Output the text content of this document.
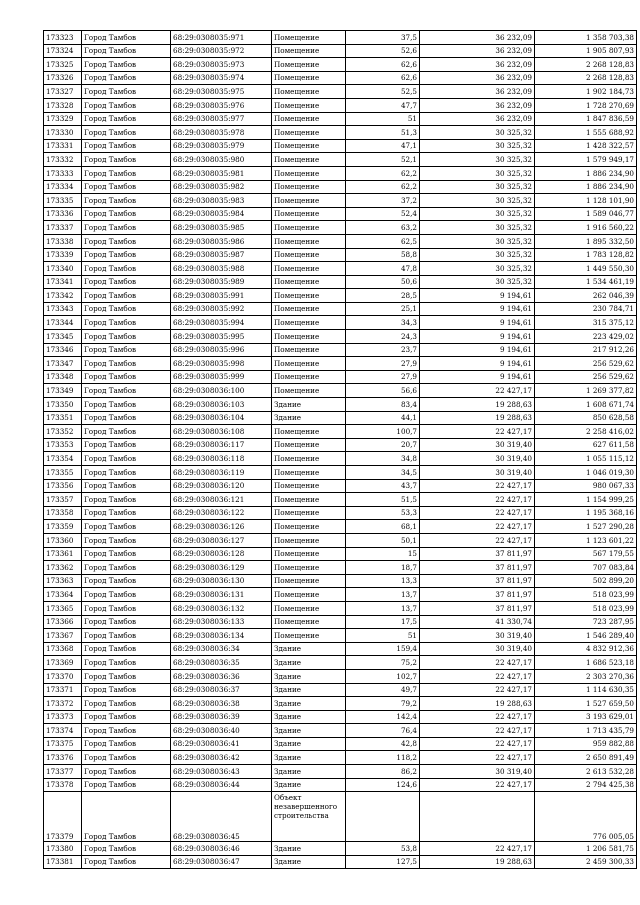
173323	Город Тамбов	68:29:0308035:971	Помещение	37,5	36 232,09	1 358 703,38
173324	Город Тамбов	68:29:0308035:972	Помещение	52,6	36 232,09	1 905 807,93
173325	Город Тамбов	68:29:0308035:973	Помещение	62,6	36 232,09	2 268 128,83
173326	Город Тамбов	68:29:0308035:974	Помещение	62,6	36 232,09	2 268 128,83
173327	Город Тамбов	68:29:0308035:975	Помещение	52,5	36 232,09	1 902 184,73
173328	Город Тамбов	68:29:0308035:976	Помещение	47,7	36 232,09	1 728 270,69
173329	Город Тамбов	68:29:0308035:977	Помещение	51	36 232,09	1 847 836,59
173330	Город Тамбов	68:29:0308035:978	Помещение	51,3	30 325,32	1 555 688,92
173331	Город Тамбов	68:29:0308035:979	Помещение	47,1	30 325,32	1 428 322,57
173332	Город Тамбов	68:29:0308035:980	Помещение	52,1	30 325,32	1 579 949,17
173333	Город Тамбов	68:29:0308035:981	Помещение	62,2	30 325,32	1 886 234,90
173334	Город Тамбов	68:29:0308035:982	Помещение	62,2	30 325,32	1 886 234,90
173335	Город Тамбов	68:29:0308035:983	Помещение	37,2	30 325,32	1 128 101,90
173336	Город Тамбов	68:29:0308035:984	Помещение	52,4	30 325,32	1 589 046,77
173337	Город Тамбов	68:29:0308035:985	Помещение	63,2	30 325,32	1 916 560,22
173338	Город Тамбов	68:29:0308035:986	Помещение	62,5	30 325,32	1 895 332,50
173339	Город Тамбов	68:29:0308035:987	Помещение	58,8	30 325,32	1 783 128,82
173340	Город Тамбов	68:29:0308035:988	Помещение	47,8	30 325,32	1 449 550,30
173341	Город Тамбов	68:29:0308035:989	Помещение	50,6	30 325,32	1 534 461,19
173342	Город Тамбов	68:29:0308035:991	Помещение	28,5	9 194,61	262 046,39
173343	Город Тамбов	68:29:0308035:992	Помещение	25,1	9 194,61	230 784,71
173344	Город Тамбов	68:29:0308035:994	Помещение	34,3	9 194,61	315 375,12
173345	Город Тамбов	68:29:0308035:995	Помещение	24,3	9 194,61	223 429,02
173346	Город Тамбов	68:29:0308035:996	Помещение	23,7	9 194,61	217 912,26
173347	Город Тамбов	68:29:0308035:998	Помещение	27,9	9 194,61	256 529,62
173348	Город Тамбов	68:29:0308035:999	Помещение	27,9	9 194,61	256 529,62
173349	Город Тамбов	68:29:0308036:100	Помещение	56,6	22 427,17	1 269 377,82
173350	Город Тамбов	68:29:0308036:103	Здание	83,4	19 288,63	1 608 671,74
173351	Город Тамбов	68:29:0308036:104	Здание	44,1	19 288,63	850 628,58
173352	Город Тамбов	68:29:0308036:108	Помещение	100,7	22 427,17	2 258 416,02
173353	Город Тамбов	68:29:0308036:117	Помещение	20,7	30 319,40	627 611,58
173354	Город Тамбов	68:29:0308036:118	Помещение	34,8	30 319,40	1 055 115,12
173355	Город Тамбов	68:29:0308036:119	Помещение	34,5	30 319,40	1 046 019,30
173356	Город Тамбов	68:29:0308036:120	Помещение	43,7	22 427,17	980 067,33
173357	Город Тамбов	68:29:0308036:121	Помещение	51,5	22 427,17	1 154 999,25
173358	Город Тамбов	68:29:0308036:122	Помещение	53,3	22 427,17	1 195 368,16
173359	Город Тамбов	68:29:0308036:126	Помещение	68,1	22 427,17	1 527 290,28
173360	Город Тамбов	68:29:0308036:127	Помещение	50,1	22 427,17	1 123 601,22
173361	Город Тамбов	68:29:0308036:128	Помещение	15	37 811,97	567 179,55
173362	Город Тамбов	68:29:0308036:129	Помещение	18,7	37 811,97	707 083,84
173363	Город Тамбов	68:29:0308036:130	Помещение	13,3	37 811,97	502 899,20
173364	Город Тамбов	68:29:0308036:131	Помещение	13,7	37 811,97	518 023,99
173365	Город Тамбов	68:29:0308036:132	Помещение	13,7	37 811,97	518 023,99
173366	Город Тамбов	68:29:0308036:133	Помещение	17,5	41 330,74	723 287,95
173367	Город Тамбов	68:29:0308036:134	Помещение	51	30 319,40	1 546 289,40
173368	Город Тамбов	68:29:0308036:34	Здание	159,4	30 319,40	4 832 912,36
173369	Город Тамбов	68:29:0308036:35	Здание	75,2	22 427,17	1 686 523,18
173370	Город Тамбов	68:29:0308036:36	Здание	102,7	22 427,17	2 303 270,36
173371	Город Тамбов	68:29:0308036:37	Здание	49,7	22 427,17	1 114 630,35
173372	Город Тамбов	68:29:0308036:38	Здание	79,2	19 288,63	1 527 659,50
173373	Город Тамбов	68:29:0308036:39	Здание	142,4	22 427,17	3 193 629,01
173374	Город Тамбов	68:29:0308036:40	Здание	76,4	22 427,17	1 713 435,79
173375	Город Тамбов	68:29:0308036:41	Здание	42,8	22 427,17	959 882,88
173376	Город Тамбов	68:29:0308036:42	Здание	118,2	22 427,17	2 650 891,49
173377	Город Тамбов	68:29:0308036:43	Здание	86,2	30 319,40	2 613 532,28
173378	Город Тамбов	68:29:0308036:44	Здание	124,6	22 427,17	2 794 425,38
173379	Город Тамбов	68:29:0308036:45	Объект незавершенного строительства			776 005,05
173380	Город Тамбов	68:29:0308036:46	Здание	53,8	22 427,17	1 206 581,75
173381	Город Тамбов	68:29:0308036:47	Здание	127,5	19 288,63	2 459 300,33
